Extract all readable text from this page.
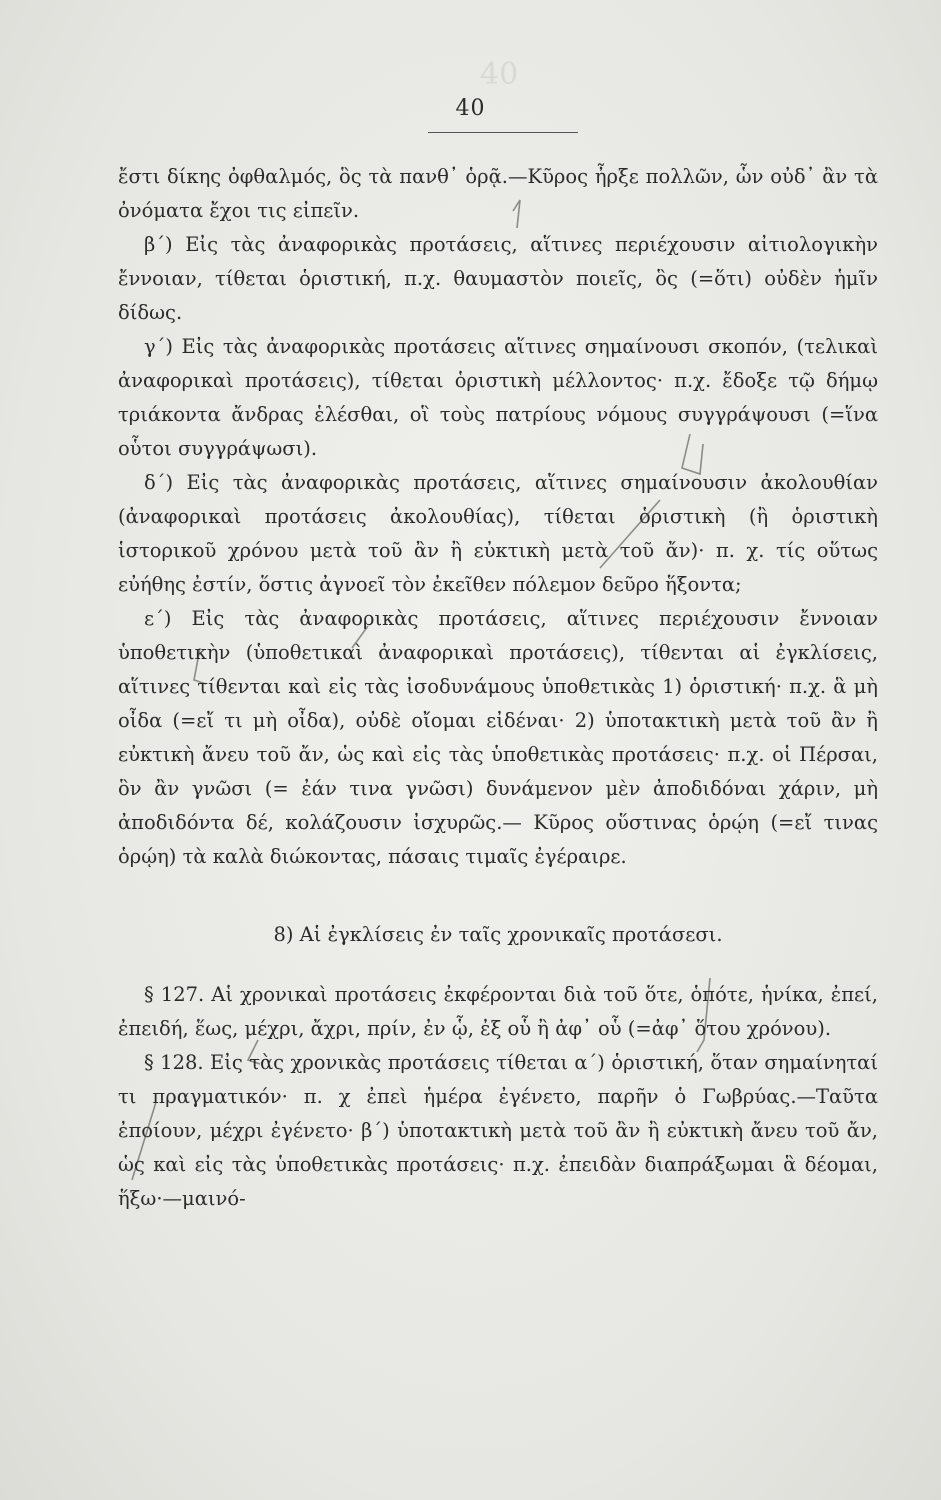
40
40

ἔστι δίκης ὀφθαλμός, ὃς τὰ πανθ᾽ ὁρᾷ.—Κῦρος ἦρξε πολλῶν, ὧν οὐδ᾽ ἂν τὰ ὀνόματα ἔχοι τις εἰπεῖν.

β΄) Εἰς τὰς ἀναφορικὰς προτάσεις, αἵτινες περιέχουσιν αἰτιολογικὴν ἔννοιαν, τίθεται ὁριστική, π.χ. θαυμαστὸν ποιεῖς, ὃς (=ὅτι) οὐδὲν ἡμῖν δίδως.

γ΄) Εἰς τὰς ἀναφορικὰς προτάσεις αἵτινες σημαίνουσι σκοπόν, (τελικαὶ ἀναφορικαὶ προτάσεις), τίθεται ὁριστικὴ μέλλοντος· π.χ. ἔδοξε τῷ δήμῳ τριάκοντα ἄνδρας ἑλέσθαι, οἳ τοὺς πατρίους νόμους συγγράψουσι (=ἵνα οὗτοι συγγράψωσι).

δ΄) Εἰς τὰς ἀναφορικὰς προτάσεις, αἵτινες σημαίνουσιν ἀκολουθίαν (ἀναφορικαὶ προτάσεις ἀκολουθίας), τίθεται ὁριστικὴ (ἢ ὁριστικὴ ἱστορικοῦ χρόνου μετὰ τοῦ ἂν ἢ εὐκτικὴ μετὰ τοῦ ἄν)· π. χ. τίς οὕτως εὐήθης ἐστίν, ὅστις ἀγνοεῖ τὸν ἐκεῖθεν πόλεμον δεῦρο ἥξοντα;

ε΄) Εἰς τὰς ἀναφορικὰς προτάσεις, αἵτινες περιέχουσιν ἔννοιαν ὑποθετικὴν (ὑποθετικαὶ ἀναφορικαὶ προτάσεις), τίθενται αἱ ἐγκλίσεις, αἵτινες τίθενται καὶ εἰς τὰς ἰσοδυνάμους ὑποθετικὰς 1) ὁριστική· π.χ. ἃ μὴ οἶδα (=εἴ τι μὴ οἶδα), οὐδὲ οἴομαι εἰδέναι· 2) ὑποτακτικὴ μετὰ τοῦ ἂν ἢ εὐκτικὴ ἄνευ τοῦ ἄν, ὡς καὶ εἰς τὰς ὑποθετικὰς προτάσεις· π.χ. οἱ Πέρσαι, ὃν ἂν γνῶσι (= ἐάν τινα γνῶσι) δυνάμενον μὲν ἀποδιδόναι χάριν, μὴ ἀποδιδόντα δέ, κολάζουσιν ἰσχυρῶς.— Κῦρος οὕστινας ὁρῴη (=εἴ τινας ὁρῴη) τὰ καλὰ διώκοντας, πάσαις τιμαῖς ἐγέραιρε.

8) Αἱ ἐγκλίσεις ἐν ταῖς χρονικαῖς προτάσεσι.

§ 127. Αἱ χρονικαὶ προτάσεις ἐκφέρονται διὰ τοῦ ὅτε, ὁπότε, ἡνίκα, ἐπεί, ἐπειδή, ἕως, μέχρι, ἄχρι, πρίν, ἐν ᾧ, ἐξ οὗ ἢ ἀφ᾽ οὗ (=ἀφ᾽ ὅτου χρόνου).

§ 128. Εἰς τὰς χρονικὰς προτάσεις τίθεται α΄) ὁριστική, ὅταν σημαίνηταί τι πραγματικόν· π. χ ἐπεὶ ἡμέρα ἐγένετο, παρῆν ὁ Γωβρύας.—Ταῦτα ἐποίουν, μέχρι ἐγένετο· β΄) ὑποτακτικὴ μετὰ τοῦ ἂν ἢ εὐκτικὴ ἄνευ τοῦ ἄν, ὡς καὶ εἰς τὰς ὑποθετικὰς προτάσεις· π.χ. ἐπειδὰν διαπράξωμαι ἃ δέομαι, ἥξω·—μαινό-
